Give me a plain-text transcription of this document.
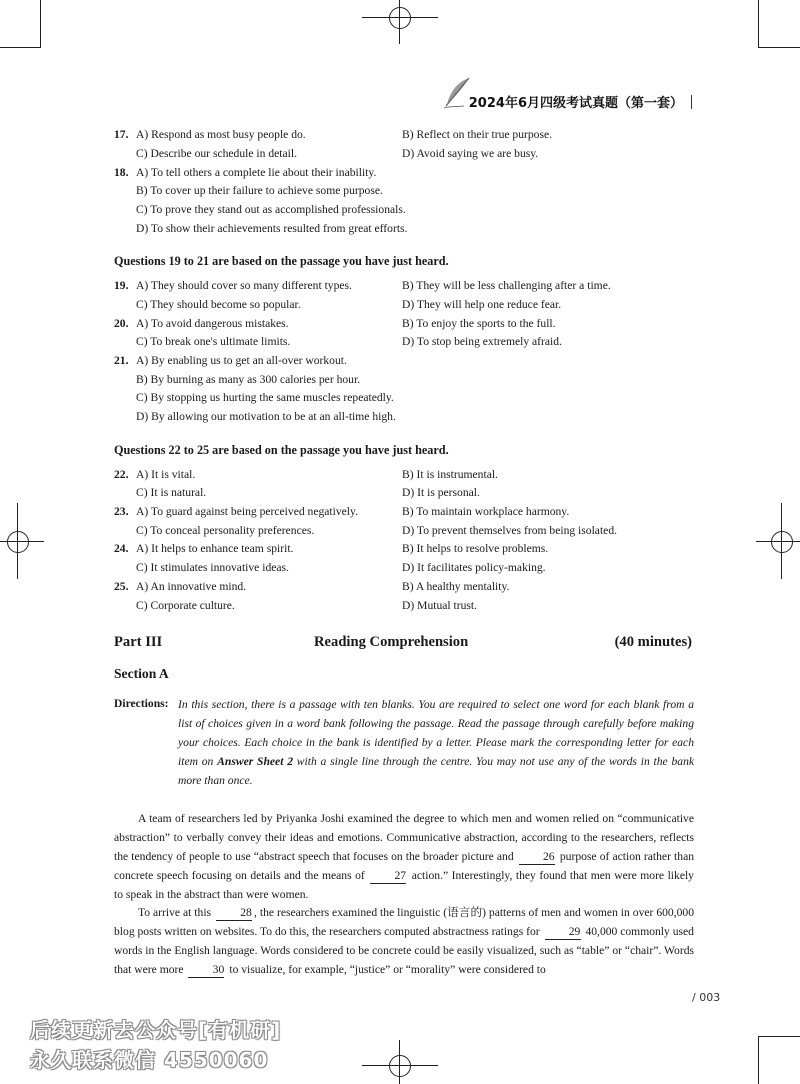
2024年6月四级考试真题（第一套）
17. A) Respond as most busy people do.	B) Reflect on their true purpose.
C) Describe our schedule in detail.	D) Avoid saying we are busy.
18. A) To tell others a complete lie about their inability.
B) To cover up their failure to achieve some purpose.
C) To prove they stand out as accomplished professionals.
D) To show their achievements resulted from great efforts.
Questions 19 to 21 are based on the passage you have just heard.
19. A) They should cover so many different types.	B) They will be less challenging after a time.
C) They should become so popular.	D) They will help one reduce fear.
20. A) To avoid dangerous mistakes.	B) To enjoy the sports to the full.
C) To break one's ultimate limits.	D) To stop being extremely afraid.
21. A) By enabling us to get an all-over workout.
B) By burning as many as 300 calories per hour.
C) By stopping us hurting the same muscles repeatedly.
D) By allowing our motivation to be at an all-time high.
Questions 22 to 25 are based on the passage you have just heard.
22. A) It is vital.	B) It is instrumental.
C) It is natural.	D) It is personal.
23. A) To guard against being perceived negatively.	B) To maintain workplace harmony.
C) To conceal personality preferences.	D) To prevent themselves from being isolated.
24. A) It helps to enhance team spirit.	B) It helps to resolve problems.
C) It stimulates innovative ideas.	D) It facilitates policy-making.
25. A) An innovative mind.	B) A healthy mentality.
C) Corporate culture.	D) Mutual trust.
Part III	Reading Comprehension	(40 minutes)
Section A
Directions: In this section, there is a passage with ten blanks. You are required to select one word for each blank from a list of choices given in a word bank following the passage. Read the passage through carefully before making your choices. Each choice in the bank is identified by a letter. Please mark the corresponding letter for each item on Answer Sheet 2 with a single line through the centre. You may not use any of the words in the bank more than once.
A team of researchers led by Priyanka Joshi examined the degree to which men and women relied on “communicative abstraction” to verbally convey their ideas and emotions. Communicative abstraction, according to the researchers, reflects the tendency of people to use “abstract speech that focuses on the broader picture and	26 purpose of action rather than concrete speech focusing on details and the means of	27 action.” Interestingly, they found that men were more likely to speak in the abstract than were women.
To arrive at this	28 , the researchers examined the linguistic (语言的) patterns of men and women in over 600,000 blog posts written on websites. To do this, the researchers computed abstractness ratings for	29 40,000 commonly used words in the English language. Words considered to be concrete could be easily visualized, such as “table” or “chair”. Words that were more	30 to visualize, for example, “justice” or “morality” were considered to
/ 003
后续更新去公众号[有机研]
永久联系微信 4550060
